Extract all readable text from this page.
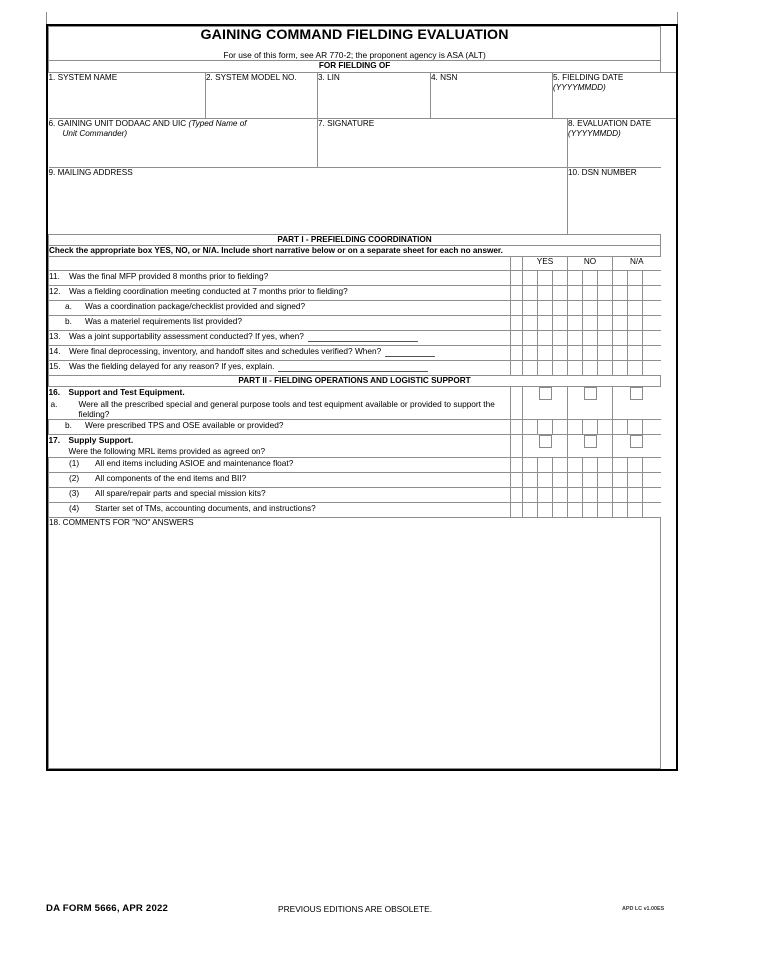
GAINING COMMAND FIELDING EVALUATION
For use of this form, see AR 770-2; the proponent agency is ASA (ALT)													

FOR FIELDING OF													
1. SYSTEM NAME	2. SYSTEM MODEL NO.	3. LIN	4. NSN				5. FIELDING DATE
(YYYYMMDD)						
6. GAINING UNIT DODAAC AND UIC (Typed Name of
Unit Commander)		7. SIGNATURE						8. EVALUATION DATE
(YYYYMMDD)					
9. MAILING ADDRESS								10. DSN NUMBER					
PART I - PREFIELDING COORDINATION													
Check the appropriate box YES, NO, or N/A. Include short narrative below or on a separate sheet for each no answer.													
					YES			NO			N/A		
11. Was the final MFP provided 8 months prior to fielding?													
12. Was a fielding coordination meeting conducted at 7 months prior to fielding?													
a. Was a coordination package/checklist provided and signed?													
b. Was a materiel requirements list provided?													
13. Was a joint supportability assessment conducted? If yes, when?													
14. Were final deprocessing, inventory, and handoff sites and schedules verified? When?													
15. Was the fielding delayed for any reason? If yes, explain.													
PART II - FIELDING OPERATIONS AND LOGISTIC SUPPORT													

16. Support and Test Equipment.
a. Were all the prescribed special and general purpose tools and test equipment available or provided to support the fielding?													

b. Were prescribed TPS and OSE available or provided?													

17. Supply Support.
Were the following MRL items provided as agreed on?													

(1) All end items including ASIOE and maintenance float?													
(2) All components of the end items and BII?													
(3) All spare/repair parts and special mission kits?													
(4) Starter set of TMs, accounting documents, and instructions?													
18. COMMENTS FOR "NO" ANSWERS													
DA FORM 5666, APR 2022	PREVIOUS EDITIONS ARE OBSOLETE.	APD LC v1.00ES
